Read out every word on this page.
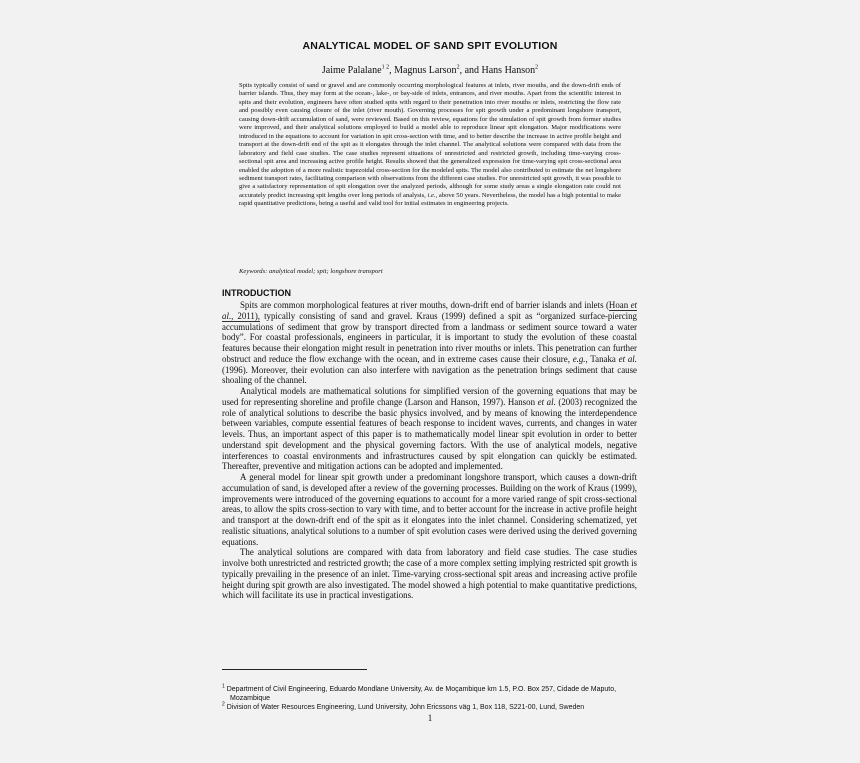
ANALYTICAL MODEL OF SAND SPIT EVOLUTION
Jaime Palalane$^{1 2}$, Magnus Larson$^2$, and Hans Hanson$^2$
Spits typically consist of sand or gravel and are commonly occurring morphological features at inlets, river mouths, and the down-drift ends of barrier islands. Thus, they may form at the ocean-, lake-, or bay-side of inlets, entrances, and river mouths. Apart from the scientific interest in spits and their evolution, engineers have often studied spits with regard to their penetration into river mouths or inlets, restricting the flow rate and possibly even causing closure of the inlet (river mouth). Governing processes for spit growth under a predominant longshore transport, causing down-drift accumulation of sand, were reviewed. Based on this review, equations for the simulation of spit growth from former studies were improved, and their analytical solutions employed to build a model able to reproduce linear spit elongation. Major modifications were introduced in the equations to account for variation in spit cross-section with time, and to better describe the increase in active profile height and transport at the down-drift end of the spit as it elongates through the inlet channel. The analytical solutions were compared with data from the laboratory and field case studies. The case studies represent situations of unrestricted and restricted growth, including time-varying cross-sectional spit area and increasing active profile height. Results showed that the generalized expression for time-varying spit cross-sectional area enabled the adoption of a more realistic trapezoidal cross-section for the modeled spits. The model also contributed to estimate the net longshore sediment transport rates, facilitating comparison with observations from the different case studies. For unrestricted spit growth, it was possible to give a satisfactory representation of spit elongation over the analyzed periods, although for some study areas a single elongation rate could not accurately predict increasing spit lengths over long periods of analysis, i.e., above 50 years. Nevertheless, the model has a high potential to make rapid quantitative predictions, being a useful and valid tool for initial estimates in engineering projects.
Keywords: analytical model; spit; longshore transport
INTRODUCTION

Spits are common morphological features at river mouths, down-drift end of barrier islands and inlets (Hoan et al., 2011), typically consisting of sand and gravel. Kraus (1999) defined a spit as “organized surface-piercing accumulations of sediment that grow by transport directed from a landmass or sediment source toward a water body”. For coastal professionals, engineers in particular, it is important to study the evolution of these coastal features because their elongation might result in penetration into river mouths or inlets. This penetration can further obstruct and reduce the flow exchange with the ocean, and in extreme cases cause their closure, e.g., Tanaka et al. (1996). Moreover, their evolution can also interfere with navigation as the penetration brings sediment that cause shoaling of the channel.

Analytical models are mathematical solutions for simplified version of the governing equations that may be used for representing shoreline and profile change (Larson and Hanson, 1997). Hanson et al. (2003) recognized the role of analytical solutions to describe the basic physics involved, and by means of knowing the interdependence between variables, compute essential features of beach response to incident waves, currents, and changes in water levels. Thus, an important aspect of this paper is to mathematically model linear spit evolution in order to better understand spit development and the physical governing factors. With the use of analytical models, negative interferences to coastal environments and infrastructures caused by spit elongation can quickly be estimated. Thereafter, preventive and mitigation actions can be adopted and implemented.

A general model for linear spit growth under a predominant longshore transport, which causes a down-drift accumulation of sand, is developed after a review of the governing processes. Building on the work of Kraus (1999), improvements were introduced of the governing equations to account for a more varied range of spit cross-sectional areas, to allow the spits cross-section to vary with time, and to better account for the increase in active profile height and transport at the down-drift end of the spit as it elongates into the inlet channel. Considering schematized, yet realistic situations, analytical solutions to a number of spit evolution cases were derived using the derived governing equations.

The analytical solutions are compared with data from laboratory and field case studies. The case studies involve both unrestricted and restricted growth; the case of a more complex setting implying restricted spit growth is typically prevailing in the presence of an inlet. Time-varying cross-sectional spit areas and increasing active profile height during spit growth are also investigated. The model showed a high potential to make quantitative predictions, which will facilitate its use in practical investigations.

$^1$ Department of Civil Engineering, Eduardo Mondlane University, Av. de Moçambique km 1.5, P.O. Box 257, Cidade de Maputo, Mozambique
$^2$ Division of Water Resources Engineering, Lund University, John Ericssons väg 1, Box 118, S221-00, Lund, Sweden
1
